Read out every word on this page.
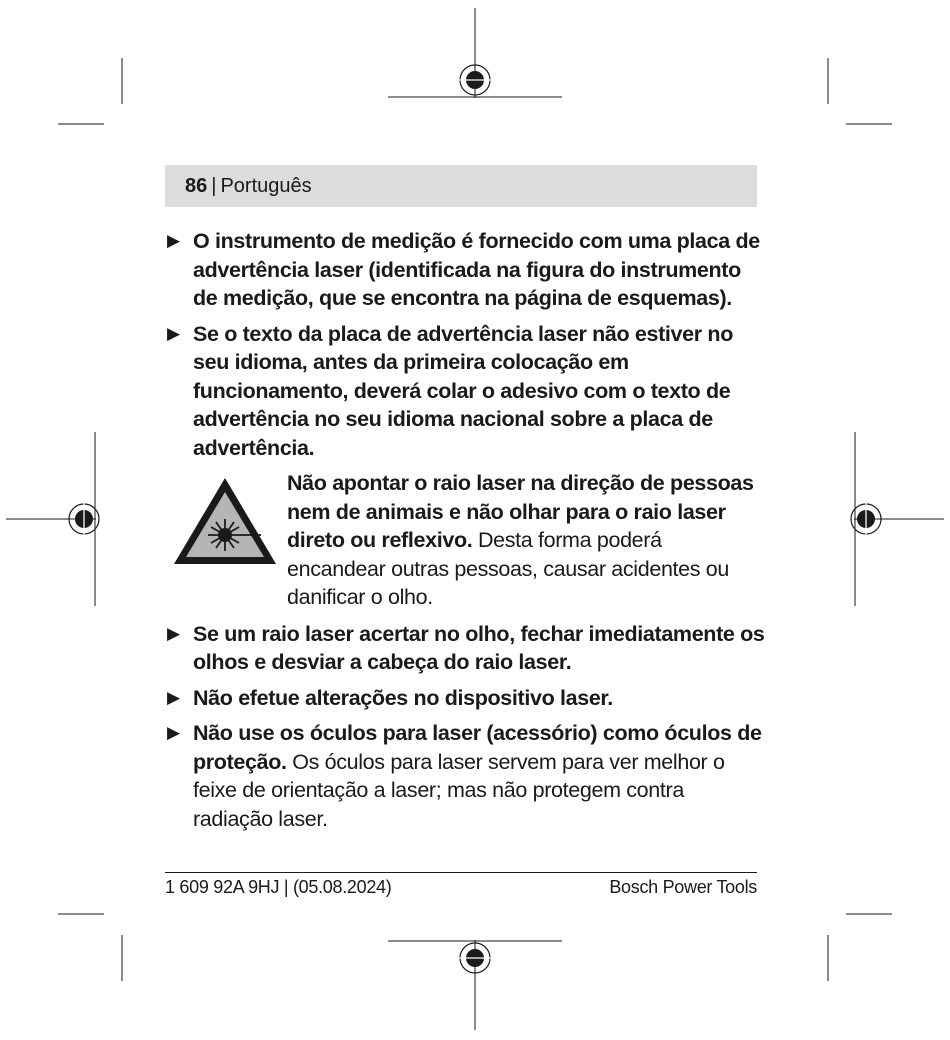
86 | Português
▶ O instrumento de medição é fornecido com uma placa de advertência laser (identificada na figura do instrumento de medição, que se encontra na página de esquemas).
▶ Se o texto da placa de advertência laser não estiver no seu idioma, antes da primeira colocação em funcionamento, deverá colar o adesivo com o texto de advertência no seu idioma nacional sobre a placa de advertência.
Não apontar o raio laser na direção de pessoas nem de animais e não olhar para o raio laser direto ou reflexivo. Desta forma poderá encandear outras pessoas, causar acidentes ou danificar o olho.
▶ Se um raio laser acertar no olho, fechar imediatamente os olhos e desviar a cabeça do raio laser.
▶ Não efetue alterações no dispositivo laser.
▶ Não use os óculos para laser (acessório) como óculos de proteção. Os óculos para laser servem para ver melhor o feixe de orientação a laser; mas não protegem contra radiação laser.
1 609 92A 9HJ | (05.08.2024)	Bosch Power Tools
